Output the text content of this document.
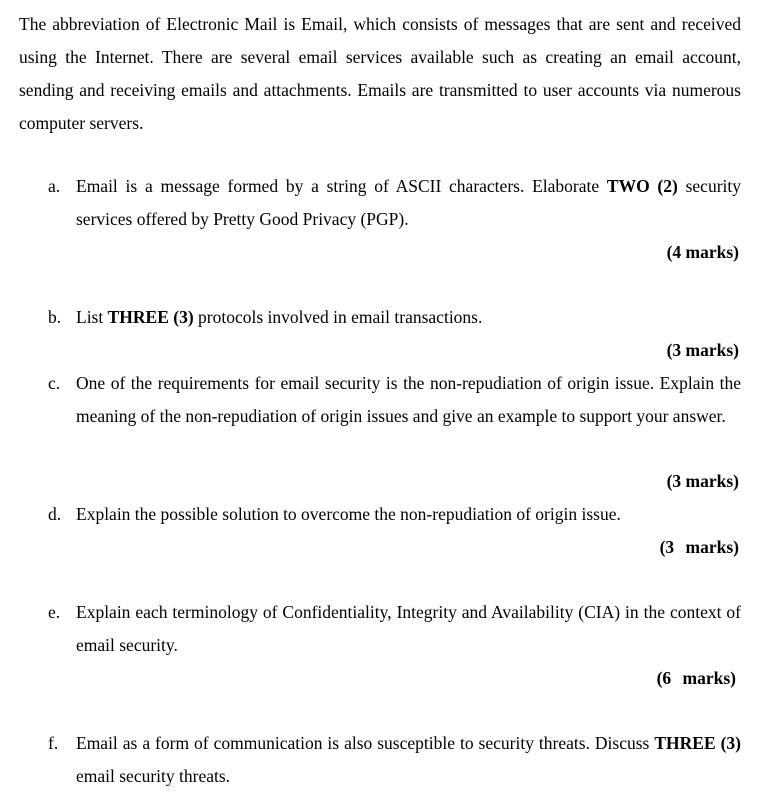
The abbreviation of Electronic Mail is Email, which consists of messages that are sent and received using the Internet. There are several email services available such as creating an email account, sending and receiving emails and attachments. Emails are transmitted to user accounts via numerous computer servers.

a. Email is a message formed by a string of ASCII characters. Elaborate TWO (2) security services offered by Pretty Good Privacy (PGP).

(4 marks)
b. List THREE (3) protocols involved in email transactions.

(3 marks)
c. One of the requirements for email security is the non-repudiation of origin issue. Explain the meaning of the non-repudiation of origin issues and give an example to support your answer.

(3 marks)
d. Explain the possible solution to overcome the non-repudiation of origin issue.

(3 marks)
e. Explain each terminology of Confidentiality, Integrity and Availability (CIA) in the context of email security.

(6 marks)
f. Email as a form of communication is also susceptible to security threats. Discuss THREE (3) email security threats.
